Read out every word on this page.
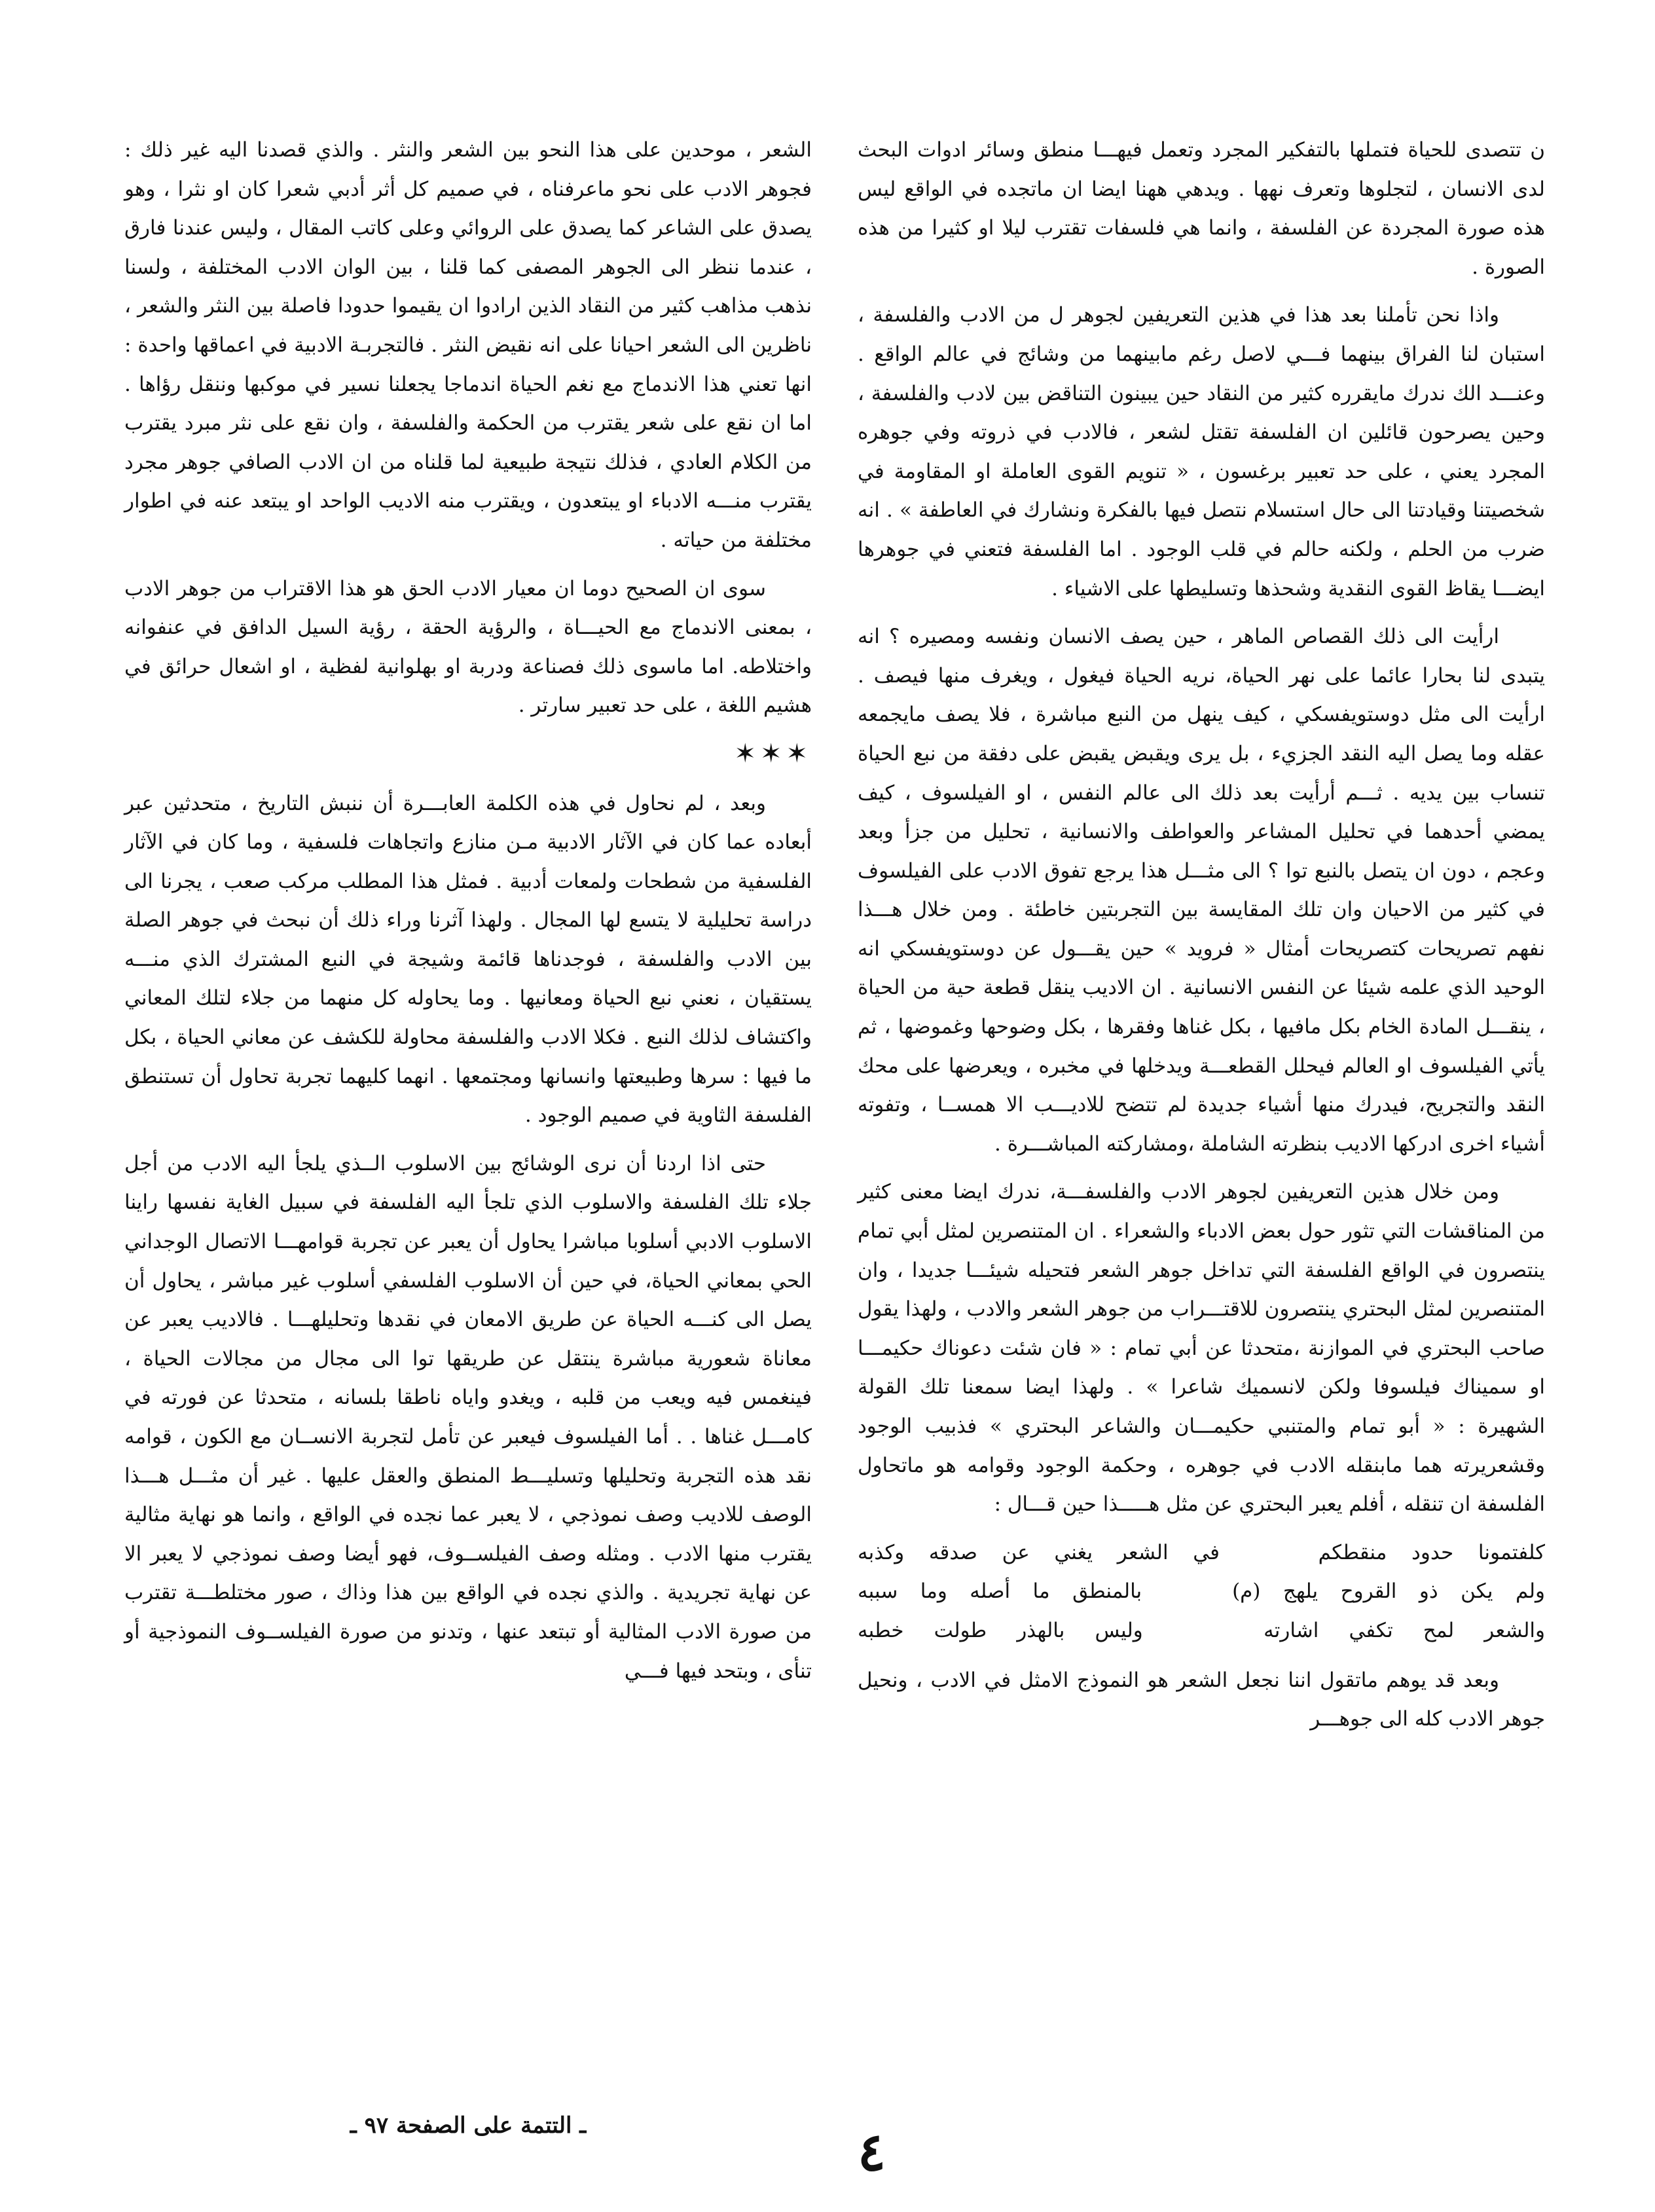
ن تتصدى للحياة فتملها بالتفكير المجرد وتعمل فيهـــا منطق وسائر ادوات البحث لدى الانسان ، لتجلوها وتعرف نهها . ويدهي ههنا ايضا ان ماتجده في الواقع ليس هذه صورة المجردة عن الفلسفة ، وانما هي فلسفات تقترب ليلا او كثيرا من هذه الصورة .

واذا نحن تأملنا بعد هذا في هذين التعريفين لجوهر ل من الادب والفلسفة ، استبان لنا الفراق بينهما فـــي لاصل رغم مابينهما من وشائج في عالم الواقع . وعنـــد الك ندرك مايقرره كثير من النقاد حين يبينون التناقض بين لادب والفلسفة ، وحين يصرحون قائلين ان الفلسفة تقتل لشعر ، فالادب في ذروته وفي جوهره المجرد يعني ، على حد تعبير برغسون ، « تنويم القوى العاملة او المقاومة في شخصيتنا وقيادتنا الى حال استسلام نتصل فيها بالفكرة ونشارك في العاطفة » . انه ضرب من الحلم ، ولكنه حالم في قلب الوجود . اما الفلسفة فتعني في جوهرها ايضـــا يقاظ القوى النقدية وشحذها وتسليطها على الاشياء .

ارأيت الى ذلك القصاص الماهر ، حين يصف الانسان ونفسه ومصيره ؟ انه يتبدى لنا بحارا عائما على نهر الحياة، نريه الحياة فيغول ، ويغرف منها فيصف . ارأيت الى مثل دوستويفسكي ، كيف ينهل من النبع مباشرة ، فلا يصف مايجمعه عقله وما يصل اليه النقد الجزيء ، بل يرى ويقبض يقبض على دفقة من نبع الحياة تنساب بين يديه . ثـــم أرأيت بعد ذلك الى عالم النفس ، او الفيلسوف ، كيف يمضي أحدهما في تحليل المشاعر والعواطف والانسانية ، تحليل من جزأ وبعد وعجم ، دون ان يتصل بالنبع توا ؟ الى مثـــل هذا يرجع تفوق الادب على الفيلسوف في كثير من الاحيان وان تلك المقايسة بين التجربتين خاطئة . ومن خلال هـــذا نفهم تصريحات كتصريحات أمثال « فرويد » حين يقـــول عن دوستويفسكي انه الوحيد الذي علمه شيئا عن النفس الانسانية . ان الاديب ينقل قطعة حية من الحياة ، ينقـــل المادة الخام بكل مافيها ، بكل غناها وفقرها ، بكل وضوحها وغموضها ، ثم يأتي الفيلسوف او العالم فيحلل القطعـــة ويدخلها في مخبره ، ويعرضها على محك النقد والتجريح، فيدرك منها أشياء جديدة لم تتضح للاديـــب الا همســا ، وتفوته أشياء اخرى ادركها الاديب بنظرته الشاملة ،ومشاركته المباشـــرة .

ومن خلال هذين التعريفين لجوهر الادب والفلسفـــة، ندرك ايضا معنى كثير من المناقشات التي تثور حول بعض الادباء والشعراء . ان المتنصرين لمثل أبي تمام ينتصرون في الواقع الفلسفة التي تداخل جوهر الشعر فتحيله شيئـــا جديدا ، وان المتنصرين لمثل البحتري ينتصرون للاقتـــراب من جوهر الشعر والادب ، ولهذا يقول صاحب البحتري في الموازنة ،متحدثا عن أبي تمام : « فان شئت دعوناك حكيمـــا او سميناك فيلسوفا ولكن لانسميك شاعرا » . ولهذا ايضا سمعنا تلك القولة الشهيرة : « أبو تمام والمتنبي حكيمـــان والشاعر البحتري » فذبيب الوجود وقشعريرته هما مابنقله الادب في جوهره ، وحكمة الوجود وقوامه هو ماتحاول الفلسفة ان تنقله ، أفلم يعبر البحتري عن مثل هـــــذا حين قـــال :

كلفتمونا حدود منقطكم    في الشعر يغني عن صدقه وكذبه

ولم يكن ذو القروح يلهج (م)    بالمنطق ما أصله وما سببه

والشعر لمح تكفي اشارته    وليس بالهذر طولت خطبه

وبعد قد يوهم ماتقول اننا نجعل الشعر هو النموذج الامثل في الادب ، ونحيل جوهر الادب كله الى جوهـــر

الشعر ، موحدين على هذا النحو بين الشعر والنثر . والذي قصدنا اليه غير ذلك : فجوهر الادب على نحو ماعرفناه ، في صميم كل أثر أدبي شعرا كان او نثرا ، وهو يصدق على الشاعر كما يصدق على الروائي وعلى كاتب المقال ، وليس عندنا فارق ، عندما ننظر الى الجوهر المصفى كما قلنا ، بين الوان الادب المختلفة ، ولسنا نذهب مذاهب كثير من النقاد الذين ارادوا ان يقيموا حدودا فاصلة بين النثر والشعر ، ناظرين الى الشعر احيانا على انه نقيض النثر . فالتجربـة الادبية في اعماقها واحدة : انها تعني هذا الاندماج مع نغم الحياة اندماجا يجعلنا نسير في موكبها وننقل رؤاها . اما ان نقع على شعر يقترب من الحكمة والفلسفة ، وان نقع على نثر مبرد يقترب من الكلام العادي ، فذلك نتيجة طبيعية لما قلناه من ان الادب الصافي جوهر مجرد يقترب منـــه الادباء او يبتعدون ، ويقترب منه الاديب الواحد او يبتعد عنه في اطوار مختلفة من حياته .

سوى ان الصحيح دوما ان معيار الادب الحق هو هذا الاقتراب من جوهر الادب ، بمعنى الاندماج مع الحيـــاة ، والرؤية الحقة ، رؤية السيل الدافق في عنفوانه واختلاطه. اما ماسوى ذلك فصناعة ودربة او بهلوانية لفظية ، او اشعال حرائق في هشيم اللغة ، على حد تعبير سارتر .

✶✶✶

وبعد ، لم نحاول في هذه الكلمة العابـــرة أن ننبش التاريخ ، متحدثين عبر أبعاده عما كان في الآثار الادبية مـن منازع واتجاهات فلسفية ، وما كان في الآثار الفلسفية من شطحات ولمعات أدبية . فمثل هذا المطلب مركب صعب ، يجرنا الى دراسة تحليلية لا يتسع لها المجال . ولهذا آثرنا وراء ذلك أن نبحث في جوهر الصلة بين الادب والفلسفة ، فوجدناها قائمة وشيجة في النبع المشترك الذي منـــه يستقيان ، نعني نبع الحياة ومعانيها . وما يحاوله كل منهما من جلاء لتلك المعاني واكتشاف لذلك النبع . فكلا الادب والفلسفة محاولة للكشف عن معاني الحياة ، بكل ما فيها : سرها وطبيعتها وانسانها ومجتمعها . انهما كليهما تجربة تحاول أن تستنطق الفلسفة الثاوية في صميم الوجود .

حتى اذا اردنا أن نرى الوشائج بين الاسلوب الــذي يلجأ اليه الادب من أجل جلاء تلك الفلسفة والاسلوب الذي تلجأ اليه الفلسفة في سبيل الغاية نفسها راينا الاسلوب الادبي أسلوبا مباشرا يحاول أن يعبر عن تجربة قوامهـــا الاتصال الوجداني الحي بمعاني الحياة، في حين أن الاسلوب الفلسفي أسلوب غير مباشر ، يحاول أن يصل الى كنـــه الحياة عن طريق الامعان في نقدها وتحليلهـــا . فالاديب يعبر عن معاناة شعورية مباشرة ينتقل عن طريقها توا الى مجال من مجالات الحياة ، فينغمس فيه ويعب من قلبه ، ويغدو واياه ناطقا بلسانه ، متحدثا عن فورته في كامـــل غناها . . أما الفيلسوف فيعبر عن تأمل لتجربة الانســان مع الكون ، قوامه نقد هذه التجربة وتحليلها وتسليـــط المنطق والعقل عليها . غير أن مثـــل هـــذا الوصف للاديب وصف نموذجي ، لا يعبر عما نجده في الواقع ، وانما هو نهاية مثالية يقترب منها الادب . ومثله وصف الفيلســوف، فهو أيضا وصف نموذجي لا يعبر الا عن نهاية تجريدية . والذي نجده في الواقع بين هذا وذاك ، صور مختلطـــة تقترب من صورة الادب المثالية أو تبتعد عنها ، وتدنو من صورة الفيلســوف النموذجية أو تنأى ، وبتحد فيها فـــي

ـ التتمة على الصفحة ٩٧ ـ	٤
